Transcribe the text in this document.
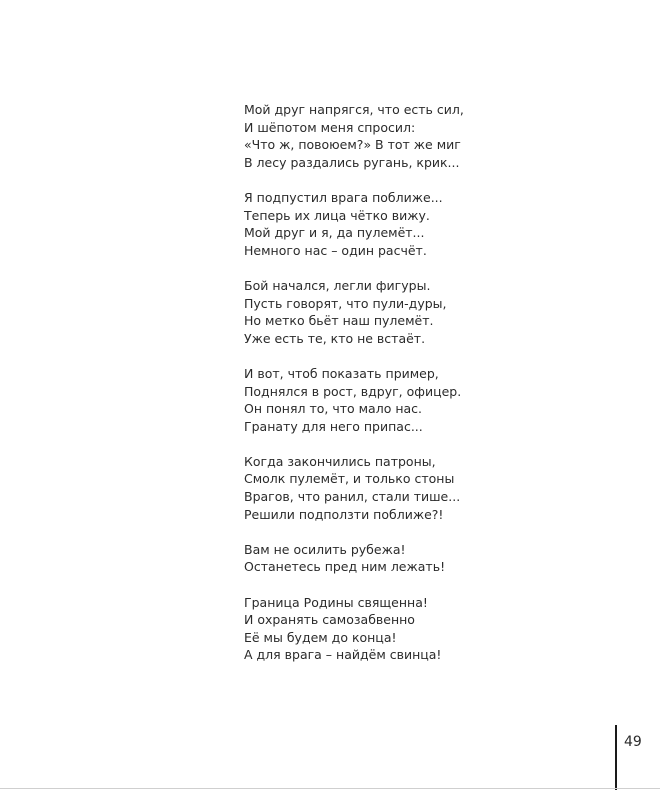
Мой друг напрягся, что есть сил,
И шёпотом меня спросил:
«Что ж, повоюем?» В тот же миг
В лесу раздались ругань, крик...
Я подпустил врага поближе...
Теперь их лица чётко вижу.
Мой друг и я, да пулемёт...
Немного нас – один расчёт.
Бой начался, легли фигуры.
Пусть говорят, что пули-дуры,
Но метко бьёт наш пулемёт.
Уже есть те, кто не встаёт.
И вот, чтоб показать пример,
Поднялся в рост, вдруг, офицер.
Он понял то, что мало нас.
Гранату для него припас...
Когда закончились патроны,
Смолк пулемёт, и только стоны
Врагов, что ранил, стали тише...
Решили подползти поближе?!
Вам не осилить рубежа!
Останетесь пред ним лежать!
Граница Родины священна!
И охранять самозабвенно
Её мы будем до конца!
А для врага – найдём свинца!
49
